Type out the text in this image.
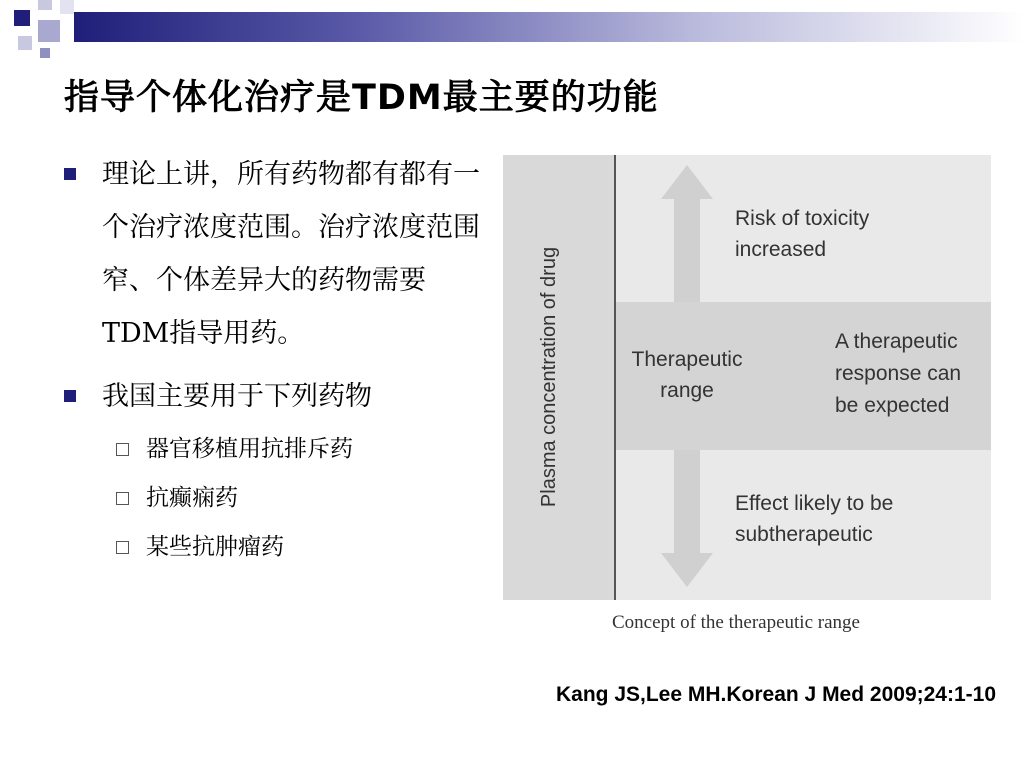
指导个体化治疗是TDM最主要的功能

理论上讲，所有药物都有都有一个治疗浓度范围。治疗浓度范围窄、个体差异大的药物需要TDM指导用药。

我国主要用于下列药物

器官移植用抗排斥药

抗癫痫药

某些抗肿瘤药

Plasma concentration of drug
Risk of toxicity
increased
Therapeutic
range
A therapeutic
response can
be expected
Effect likely to be
subtherapeutic
Concept of the therapeutic range
Kang JS,Lee MH.Korean J Med 2009;24:1-10
